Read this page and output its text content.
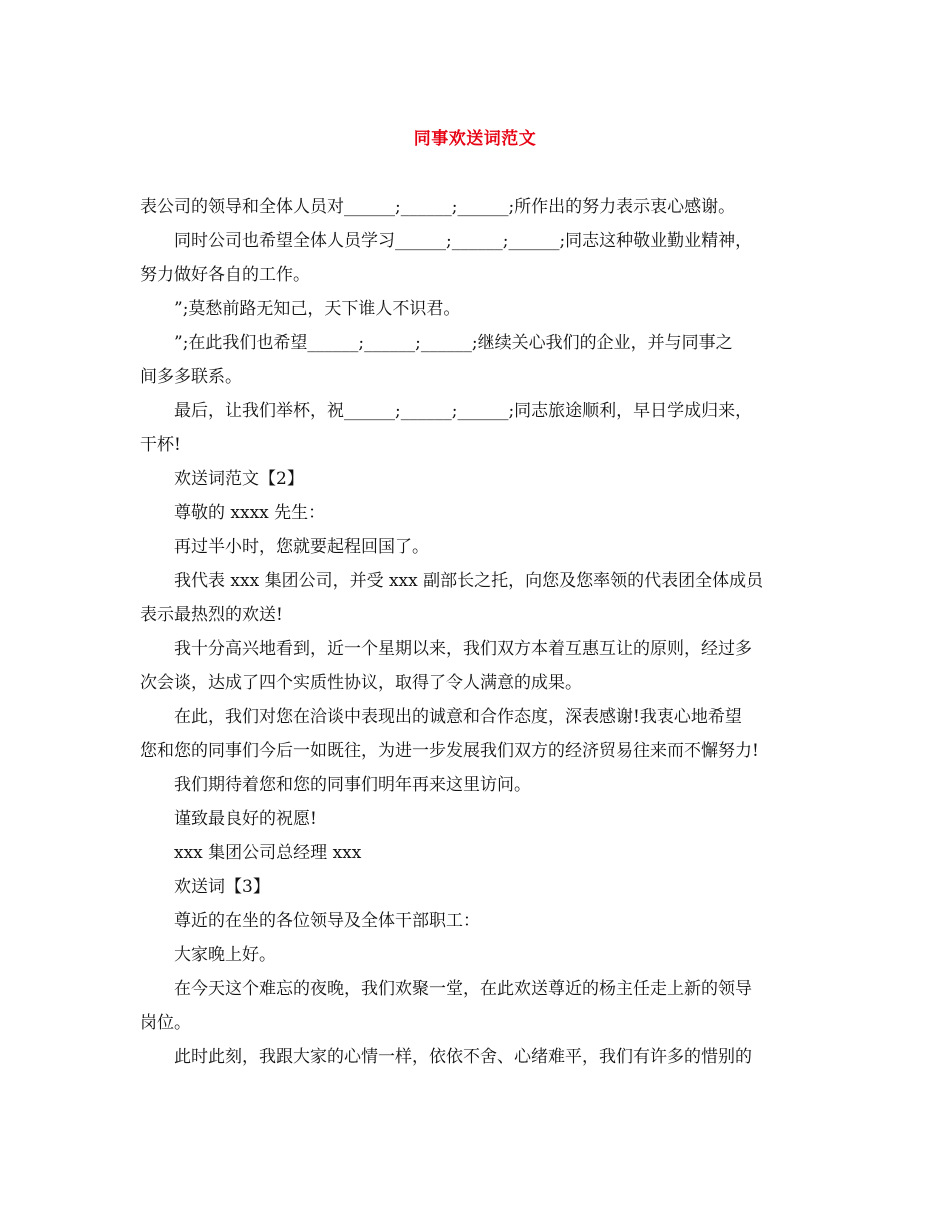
同事欢送词范文
表公司的领导和全体人员对______;______;______;所作出的努力表示衷心感谢。
同时公司也希望全体人员学习______;______;______;同志这种敬业勤业精神，
努力做好各自的工作。
”;莫愁前路无知己，天下谁人不识君。
”;在此我们也希望______;______;______;继续关心我们的企业，并与同事之
间多多联系。
最后，让我们举杯，祝______;______;______;同志旅途顺利，早日学成归来，
干杯!
欢送词范文【2】
尊敬的 xxxx 先生：
再过半小时，您就要起程回国了。
我代表 xxx 集团公司，并受 xxx 副部长之托，向您及您率领的代表团全体成员
表示最热烈的欢送!
我十分高兴地看到，近一个星期以来，我们双方本着互惠互让的原则，经过多
次会谈，达成了四个实质性协议，取得了令人满意的成果。
在此，我们对您在洽谈中表现出的诚意和合作态度，深表感谢!我衷心地希望
您和您的同事们今后一如既往，为进一步发展我们双方的经济贸易往来而不懈努力!
我们期待着您和您的同事们明年再来这里访问。
谨致最良好的祝愿!
xxx 集团公司总经理 xxx
欢送词【3】
尊近的在坐的各位领导及全体干部职工：
大家晚上好。
在今天这个难忘的夜晚，我们欢聚一堂，在此欢送尊近的杨主任走上新的领导
岗位。
此时此刻，我跟大家的心情一样，依依不舍、心绪难平，我们有许多的惜别的
